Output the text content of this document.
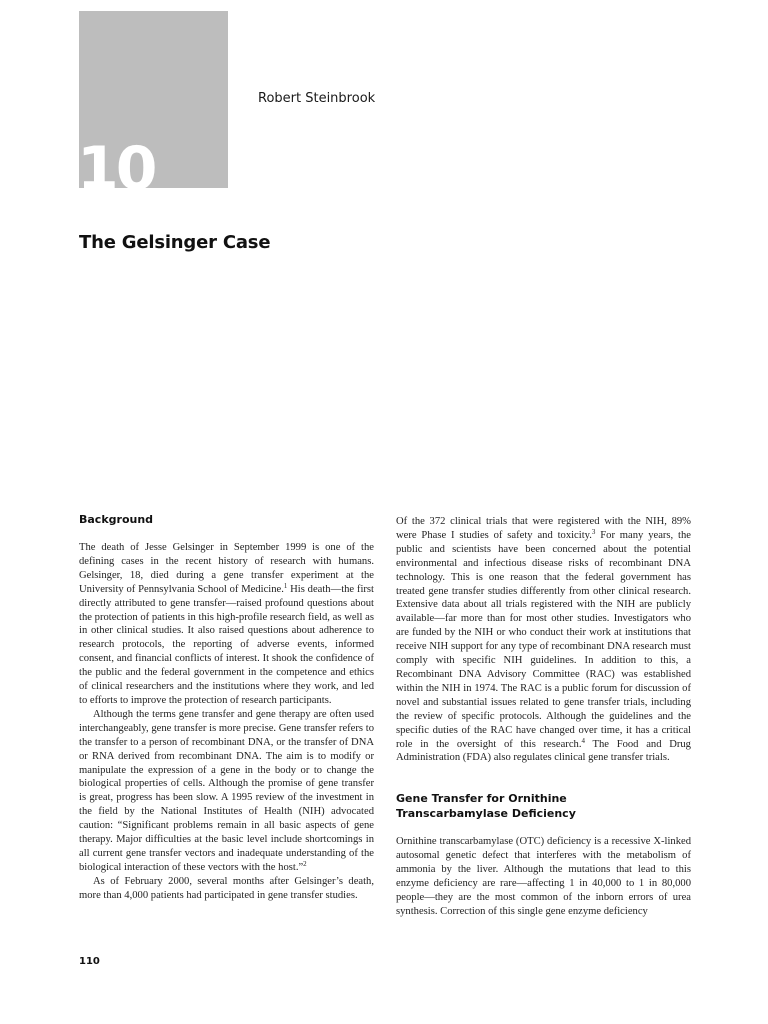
10
Robert Steinbrook
The Gelsinger Case
Background

The death of Jesse Gelsinger in September 1999 is one of the defining cases in the recent history of research with humans. Gelsinger, 18, died during a gene transfer experiment at the University of Pennsylvania School of Medicine.$^1$ His death—the first directly attributed to gene transfer—raised profound questions about the protection of patients in this high-profile research field, as well as in other clinical studies. It also raised questions about adherence to research protocols, the reporting of adverse events, informed consent, and financial conflicts of interest. It shook the confidence of the public and the federal government in the competence and ethics of clinical researchers and the institutions where they work, and led to efforts to improve the protection of research participants.

Although the terms gene transfer and gene therapy are often used interchangeably, gene transfer is more precise. Gene transfer refers to the transfer to a person of recombinant DNA, or the transfer of DNA or RNA derived from recombinant DNA. The aim is to modify or manipulate the expression of a gene in the body or to change the biological properties of cells. Although the promise of gene transfer is great, progress has been slow. A 1995 review of the investment in the field by the National Institutes of Health (NIH) advocated caution: “Significant problems remain in all basic aspects of gene therapy. Major difficulties at the basic level include shortcomings in all current gene transfer vectors and inadequate understanding of the biological interaction of these vectors with the host.”$^2$

As of February 2000, several months after Gelsinger’s death, more than 4,000 patients had participated in gene transfer studies.

Of the 372 clinical trials that were registered with the NIH, 89% were Phase I studies of safety and toxicity.$^3$ For many years, the public and scientists have been concerned about the potential environmental and infectious disease risks of recombinant DNA technology. This is one reason that the federal government has treated gene transfer studies differently from other clinical research. Extensive data about all trials registered with the NIH are publicly available—far more than for most other studies. Investigators who are funded by the NIH or who conduct their work at institutions that receive NIH support for any type of recombinant DNA research must comply with specific NIH guidelines. In addition to this, a Recombinant DNA Advisory Committee (RAC) was established within the NIH in 1974. The RAC is a public forum for discussion of novel and substantial issues related to gene transfer trials, including the review of specific protocols. Although the guidelines and the specific duties of the RAC have changed over time, it has a critical role in the oversight of this research.$^4$ The Food and Drug Administration (FDA) also regulates clinical gene transfer trials.

Gene Transfer for Ornithine
Transcarbamylase Deficiency

Ornithine transcarbamylase (OTC) deficiency is a recessive X-linked autosomal genetic defect that interferes with the metabolism of ammonia by the liver. Although the mutations that lead to this enzyme deficiency are rare—affecting 1 in 40,000 to 1 in 80,000 people—they are the most common of the inborn errors of urea synthesis. Correction of this single gene enzyme deficiency

110
